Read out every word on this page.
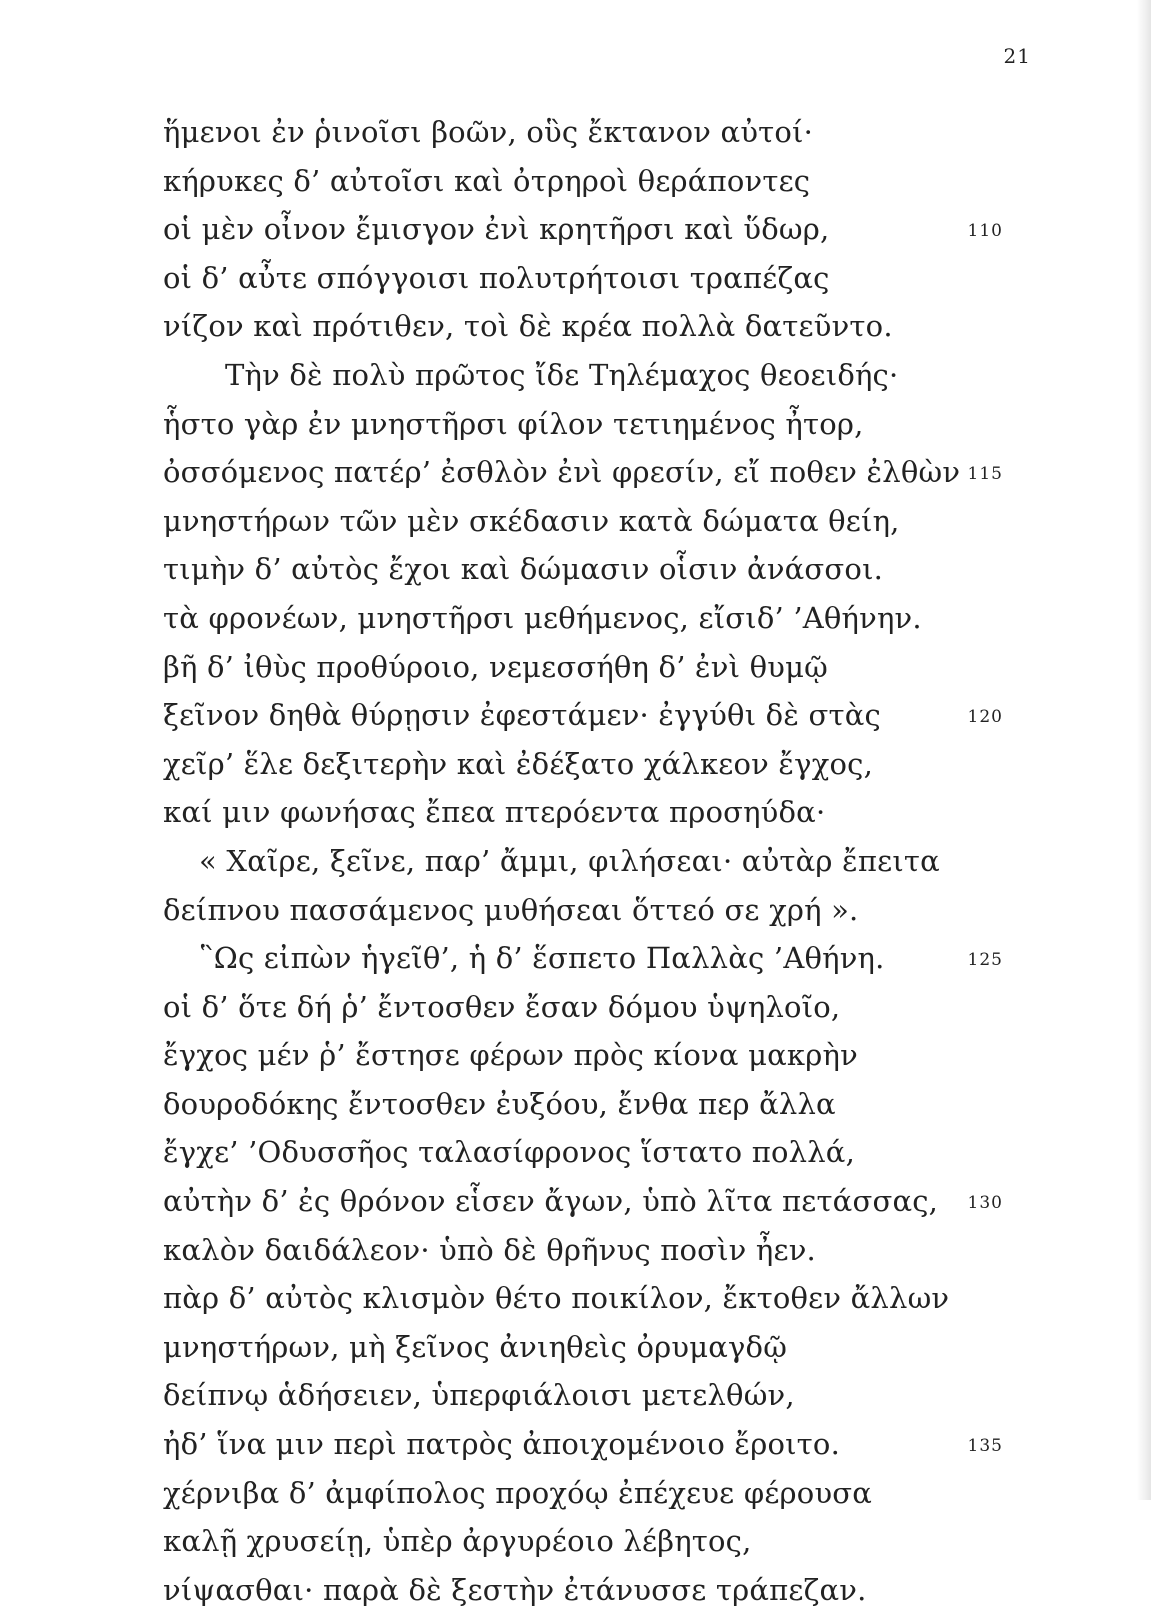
21
ἥμενοι ἐν ῥινοῖσι βοῶν, οὓς ἔκτανον αὐτοί·
κήρυκες δ’ αὐτοῖσι καὶ ὀτρηροὶ θεράποντες
οἱ μὲν οἶνον ἔμισγον ἐνὶ κρητῆρσι καὶ ὕδωρ,	110
οἱ δ’ αὖτε σπόγγοισι πολυτρήτοισι τραπέζας
νίζον καὶ πρότιθεν, τοὶ δὲ κρέα πολλὰ δατεῦντο.
Τὴν δὲ πολὺ πρῶτος ἴδε Τηλέμαχος θεοειδής·
ἧστο γὰρ ἐν μνηστῆρσι φίλον τετιημένος ἦτορ,
ὀσσόμενος πατέρ’ ἐσθλὸν ἐνὶ φρεσίν, εἴ ποθεν ἐλθὼν 115
μνηστήρων τῶν μὲν σκέδασιν κατὰ δώματα θείη,
τιμὴν δ’ αὐτὸς ἔχοι καὶ δώμασιν οἷσιν ἀνάσσοι.
τὰ φρονέων, μνηστῆρσι μεθήμενος, εἴσιδ’ ’Αθήνην.
βῆ δ’ ἰθὺς προθύροιο, νεμεσσήθη δ’ ἐνὶ θυμῷ
ξεῖνον δηθὰ θύρῃσιν ἐφεστάμεν· ἐγγύθι δὲ στὰς	120
χεῖρ’ ἕλε δεξιτερὴν καὶ ἐδέξατο χάλκεον ἔγχος,
καί μιν φωνήσας ἔπεα πτερόεντα προσηύδα·
« Χαῖρε, ξεῖνε, παρ’ ἄμμι, φιλήσεαι· αὐτὰρ ἔπειτα
δείπνου πασσάμενος μυθήσεαι ὅττεό σε χρή ».
῝Ως εἰπὼν ἡγεῖθ’, ἡ δ’ ἕσπετο Παλλὰς ’Αθήνη.	125
οἱ δ’ ὅτε δή ῥ’ ἔντοσθεν ἔσαν δόμου ὑψηλοῖο,
ἔγχος μέν ῥ’ ἔστησε φέρων πρὸς κίονα μακρὴν
δουροδόκης ἔντοσθεν ἐυξόου, ἔνθα περ ἄλλα
ἔγχε’ ’Οδυσσῆος ταλασίφρονος ἵστατο πολλά,
αὐτὴν δ’ ἐς θρόνον εἷσεν ἄγων, ὑπὸ λῖτα πετάσσας, 130
καλὸν δαιδάλεον· ὑπὸ δὲ θρῆνυς ποσὶν ἦεν.
πὰρ δ’ αὐτὸς κλισμὸν θέτο ποικίλον, ἔκτοθεν ἄλλων
μνηστήρων, μὴ ξεῖνος ἀνιηθεὶς ὀρυμαγδῷ
δείπνῳ ἁδήσειεν, ὑπερφιάλοισι μετελθών,
ἠδ’ ἵνα μιν περὶ πατρὸς ἀποιχομένοιο ἔροιτο.	135
χέρνιβα δ’ ἀμφίπολος προχόῳ ἐπέχευε φέρουσα
καλῇ χρυσείῃ, ὑπὲρ ἀργυρέοιο λέβητος,
νίψασθαι· παρὰ δὲ ξεστὴν ἐτάνυσσε τράπεζαν.
